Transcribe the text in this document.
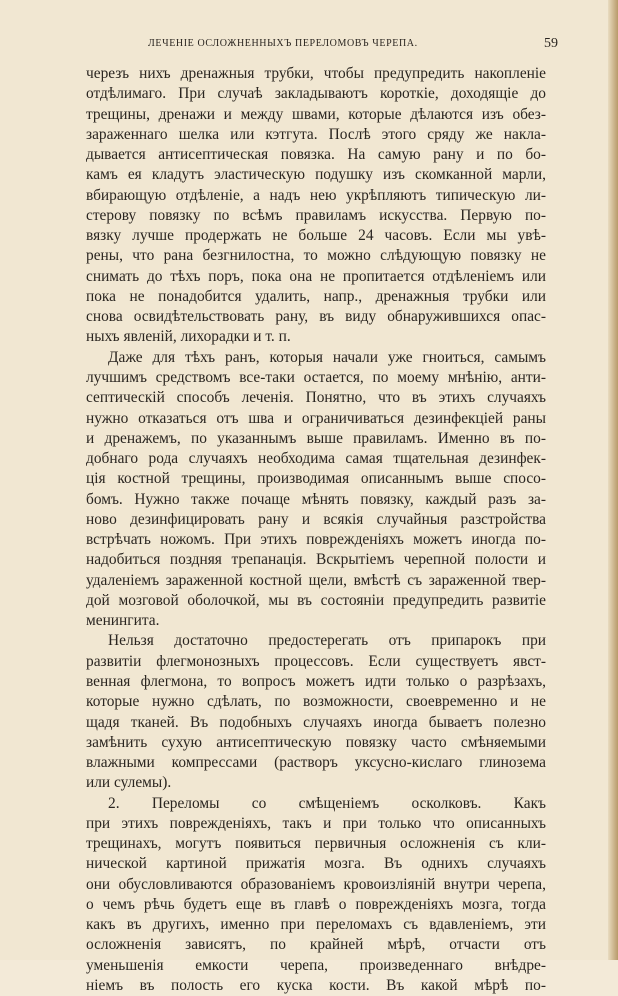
ЛЕЧЕНІЕ ОСЛОЖНЕННЫХЪ ПЕРЕЛОМОВЪ ЧЕРЕПА.	59
черезъ нихъ дренажныя трубки, чтобы предупредить накопленіе
отдѣлимаго. При случаѣ закладываютъ короткіе, доходящіе до
трещины, дренажи и между швами, которые дѣлаются изъ обез-
зараженнаго шелка или кэтгута. Послѣ этого сряду же накла-
дывается антисептическая повязка. На самую рану и по бо-
камъ ея кладутъ эластическую подушку изъ скомканной марли,
вбирающую отдѣленіе, а надъ нею укрѣпляютъ типическую ли-
стерову повязку по всѣмъ правиламъ искусства. Первую по-
вязку лучше продержать не больше 24 часовъ. Если мы увѣ-
рены, что рана безгнилостна, то можно слѣдующую повязку не
снимать до тѣхъ поръ, пока она не пропитается отдѣленіемъ или
пока не понадобится удалить, напр., дренажныя трубки или
снова освидѣтельствовать рану, въ виду обнаружившихся опас-
ныхъ явленій, лихорадки и т. п.
Даже для тѣхъ ранъ, которыя начали уже гноиться, самымъ
лучшимъ средствомъ все-таки остается, по моему мнѣнію, анти-
септическій способъ леченія. Понятно, что въ этихъ случаяхъ
нужно отказаться отъ шва и ограничиваться дезинфекціей раны
и дренажемъ, по указаннымъ выше правиламъ. Именно въ по-
добнаго рода случаяхъ необходима самая тщательная дезинфек-
ція костной трещины, производимая описаннымъ выше спосо-
бомъ. Нужно также почаще мѣнять повязку, каждый разъ за-
ново дезинфицировать рану и всякія случайныя разстройства
встрѣчать ножомъ. При этихъ поврежденіяхъ можетъ иногда по-
надобиться поздняя трепанація. Вскрытіемъ черепной полости и
удаленіемъ зараженной костной щели, вмѣстѣ съ зараженной твер-
дой мозговой оболочкой, мы въ состояніи предупредить развитіе
менингита.
Нельзя достаточно предостерегать отъ припарокъ при
развитіи флегмонозныхъ процессовъ. Если существуетъ явст-
венная флегмона, то вопросъ можетъ идти только о разрѣзахъ,
которые нужно сдѣлать, по возможности, своевременно и не
щадя тканей. Въ подобныхъ случаяхъ иногда бываетъ полезно
замѣнить сухую антисептическую повязку часто смѣняемыми
влажными компрессами (растворъ уксусно-кислаго глинозема
или сулемы).
2. Переломы со смѣщеніемъ осколковъ. Какъ
при этихъ поврежденіяхъ, такъ и при только что описанныхъ
трещинахъ, могутъ появиться первичныя осложненія съ кли-
нической картиной прижатія мозга. Въ однихъ случаяхъ
они обусловливаются образованіемъ кровоизліяній внутри черепа,
о чемъ рѣчь будетъ еще въ главѣ о поврежденіяхъ мозга, тогда
какъ въ другихъ, именно при переломахъ съ вдавленіемъ, эти
осложненія зависятъ, по крайней мѣрѣ, отчасти отъ
уменьшенія емкости черепа, произведеннаго внѣдре-
ніемъ въ полость его куска кости. Въ какой мѣрѣ по-
